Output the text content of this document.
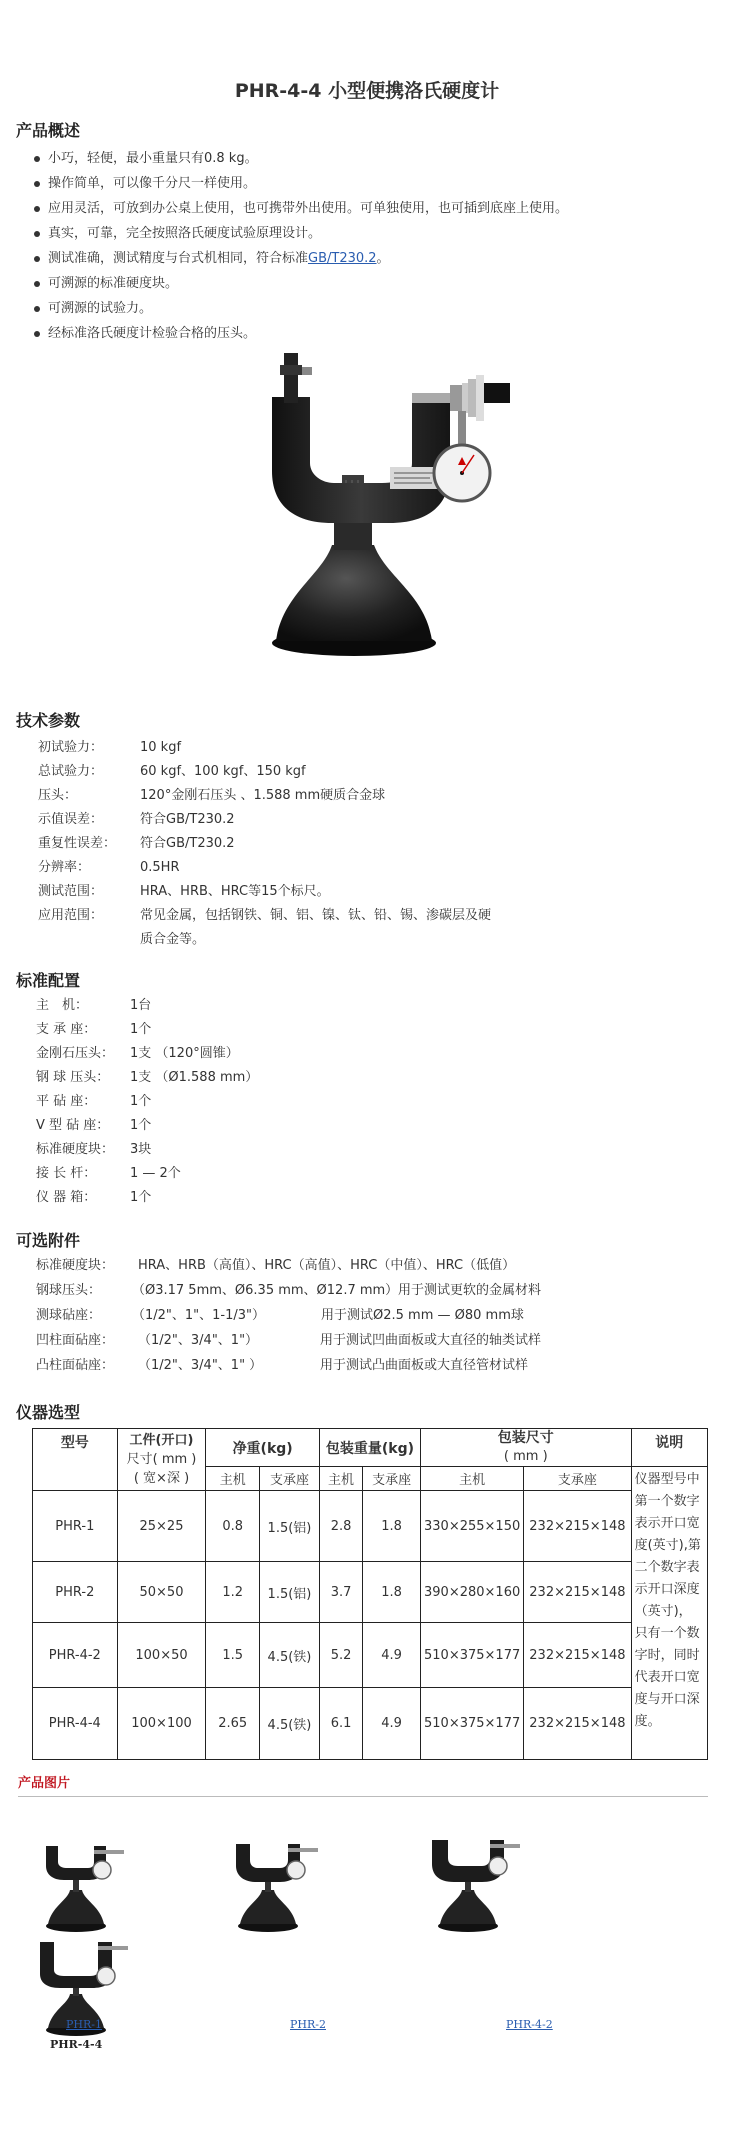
PHR-4-4 小型便携洛氏硬度计
产品概述
小巧，轻便，最小重量只有0.8 kg。
操作简单，可以像千分尺一样使用。
应用灵活，可放到办公桌上使用，也可携带外出使用。可单独使用，也可插到底座上使用。
真实，可靠，完全按照洛氏硬度试验原理设计。
测试准确，测试精度与台式机相同，符合标准GB/T230.2。
可溯源的标准硬度块。
可溯源的试验力。
经标准洛氏硬度计检验合格的压头。
技术参数
初试验力：	10 kgf
总试验力：	60 kgf、100 kgf、150 kgf
压头：	120°金刚石压头 、1.588 mm硬质合金球
示值误差：	符合GB/T230.2
重复性误差： 符合GB/T230.2
分辨率：	0.5HR
测试范围：	HRA、HRB、HRC等15个标尺。
应用范围：	常见金属，包括钢铁、铜、铝、镍、钛、铅、锡、渗碳层及硬
质合金等。
标准配置
主　机：	1台
支 承 座：	1个
金刚石压头： 1支 （120°圆锥）
钢 球 压头： 1支 （Ø1.588 mm）
平 砧 座：	1个
V 型 砧 座： 1个
标准硬度块： 3块
接 长 杆：	1 — 2个
仪 器 箱：	1个
可选附件
标准硬度块： HRA、HRB（高值）、HRC（高值）、HRC（中值）、HRC（低值）
钢球压头： （Ø3.17 5mm、Ø6.35 mm、Ø12.7 mm） 用于测试更软的金属材料
测球砧座： （1/2"、1"、1-1/3"）	用于测试Ø2.5 mm — Ø80 mm球
凹柱面砧座： （1/2"、3/4"、1"）	用于测试凹曲面板或大直径的轴类试样
凸柱面砧座： （1/2"、3/4"、1" ）	用于测试凸曲面板或大直径管材试样
仪器选型
型号	工件(开口)
尺寸( mm )
( 宽×深 )	净重(kg)		包装重量(kg)		包装尺寸
( mm )		说明
		主机	支承座	主机	支承座	主机	支承座	仪器型号中第一个数字表示开口宽度(英寸),第二个数字表示开口深度（英寸)，只有一个数字时，同时代表开口宽度与开口深度。
PHR-1	25×25	0.8	1.5(铝)	2.8	1.8	330×255×150	232×215×148	
PHR-2	50×50	1.2	1.5(铝)	3.7	1.8	390×280×160	232×215×148	
PHR-4-2	100×50	1.5	4.5(铁)	5.2	4.9	510×375×177	232×215×148	
PHR-4-4	100×100	2.65	4.5(铁)	6.1	4.9	510×375×177	232×215×148	
产品图片
PHR-1	PHR-2	PHR-4-2
PHR-4-4
